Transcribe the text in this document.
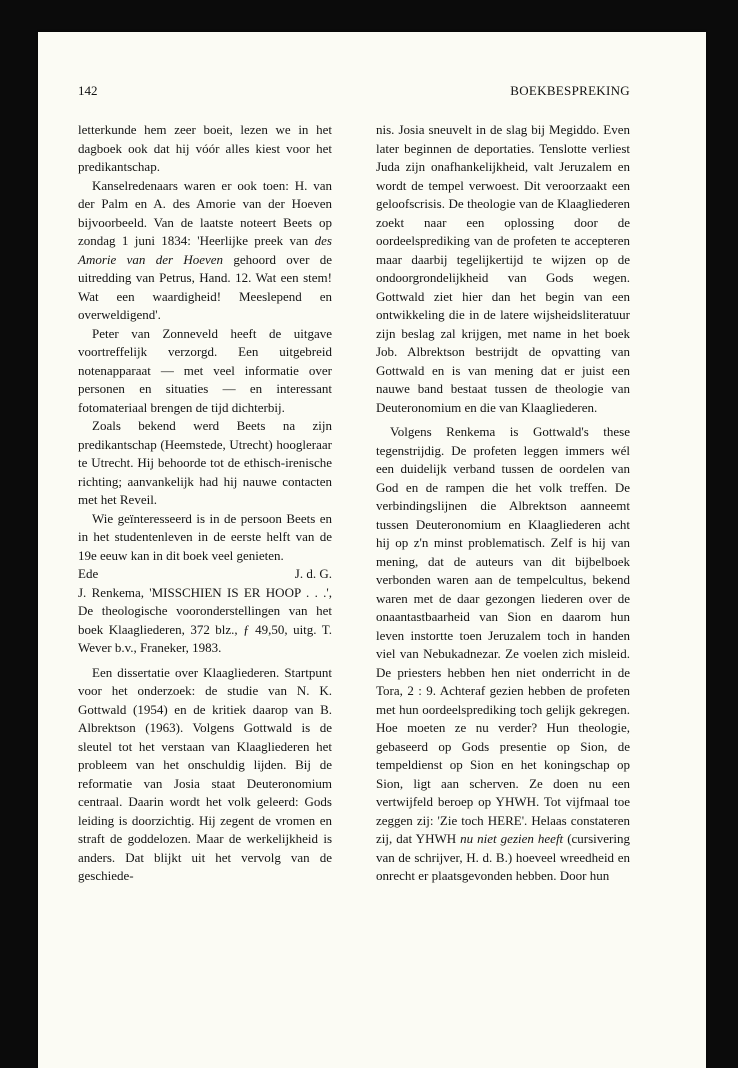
142	BOEKBESPREKING

letterkunde hem zeer boeit, lezen we in het dagboek ook dat hij vóór alles kiest voor het predikantschap.

Kanselredenaars waren er ook toen: H. van der Palm en A. des Amorie van der Hoeven bijvoorbeeld. Van de laatste noteert Beets op zondag 1 juni 1834: 'Heerlijke preek van des Amorie van der Hoeven gehoord over de uitredding van Petrus, Hand. 12. Wat een stem! Wat een waardigheid! Meeslepend en overweldigend'.

Peter van Zonneveld heeft de uitgave voortreffelijk verzorgd. Een uitgebreid notenapparaat — met veel informatie over personen en situaties — en interessant fotomateriaal brengen de tijd dichterbij.

Zoals bekend werd Beets na zijn predikantschap (Heemstede, Utrecht) hoogleraar te Utrecht. Hij behoorde tot de ethisch-irenische richting; aanvankelijk had hij nauwe contacten met het Reveil.

Wie geïnteresseerd is in de persoon Beets en in het studentenleven in de eerste helft van de 19e eeuw kan in dit boek veel genieten.

Ede	J. d. G.

J. Renkema, 'MISSCHIEN IS ER HOOP . . .', De theologische vooronderstellingen van het boek Klaagliederen, 372 blz., ƒ 49,50, uitg. T. Wever b.v., Franeker, 1983.

Een dissertatie over Klaagliederen. Startpunt voor het onderzoek: de studie van N. K. Gottwald (1954) en de kritiek daarop van B. Albrektson (1963). Volgens Gottwald is de sleutel tot het verstaan van Klaagliederen het probleem van het onschuldig lijden. Bij de reformatie van Josia staat Deuteronomium centraal. Daarin wordt het volk geleerd: Gods leiding is doorzichtig. Hij zegent de vromen en straft de goddelozen. Maar de werkelijkheid is anders. Dat blijkt uit het vervolg van de geschiede-

nis. Josia sneuvelt in de slag bij Megiddo. Even later beginnen de deportaties. Tenslotte verliest Juda zijn onafhankelijkheid, valt Jeruzalem en wordt de tempel verwoest. Dit veroorzaakt een geloofscrisis. De theologie van de Klaagliederen zoekt naar een oplossing door de oordeelsprediking van de profeten te accepteren maar daarbij tegelijkertijd te wijzen op de ondoorgrondelijkheid van Gods wegen. Gottwald ziet hier dan het begin van een ontwikkeling die in de latere wijsheidsliteratuur zijn beslag zal krijgen, met name in het boek Job. Albrektson bestrijdt de opvatting van Gottwald en is van mening dat er juist een nauwe band bestaat tussen de theologie van Deuteronomium en die van Klaagliederen.

Volgens Renkema is Gottwald's these tegenstrijdig. De profeten leggen immers wél een duidelijk verband tussen de oordelen van God en de rampen die het volk treffen. De verbindingslijnen die Albrektson aanneemt tussen Deuteronomium en Klaagliederen acht hij op z'n minst problematisch. Zelf is hij van mening, dat de auteurs van dit bijbelboek verbonden waren aan de tempelcultus, bekend waren met de daar gezongen liederen over de onaantastbaarheid van Sion en daarom hun leven instortte toen Jeruzalem toch in handen viel van Nebukadnezar. Ze voelen zich misleid. De priesters hebben hen niet onderricht in de Tora, 2 : 9. Achteraf gezien hebben de profeten met hun oordeelsprediking toch gelijk gekregen. Hoe moeten ze nu verder? Hun theologie, gebaseerd op Gods presentie op Sion, de tempeldienst op Sion en het koningschap op Sion, ligt aan scherven. Ze doen nu een vertwijfeld beroep op YHWH. Tot vijfmaal toe zeggen zij: 'Zie toch HERE'. Helaas constateren zij, dat YHWH nu niet gezien heeft (cursivering van de schrijver, H. d. B.) hoeveel wreedheid en onrecht er plaatsgevonden hebben. Door hun
